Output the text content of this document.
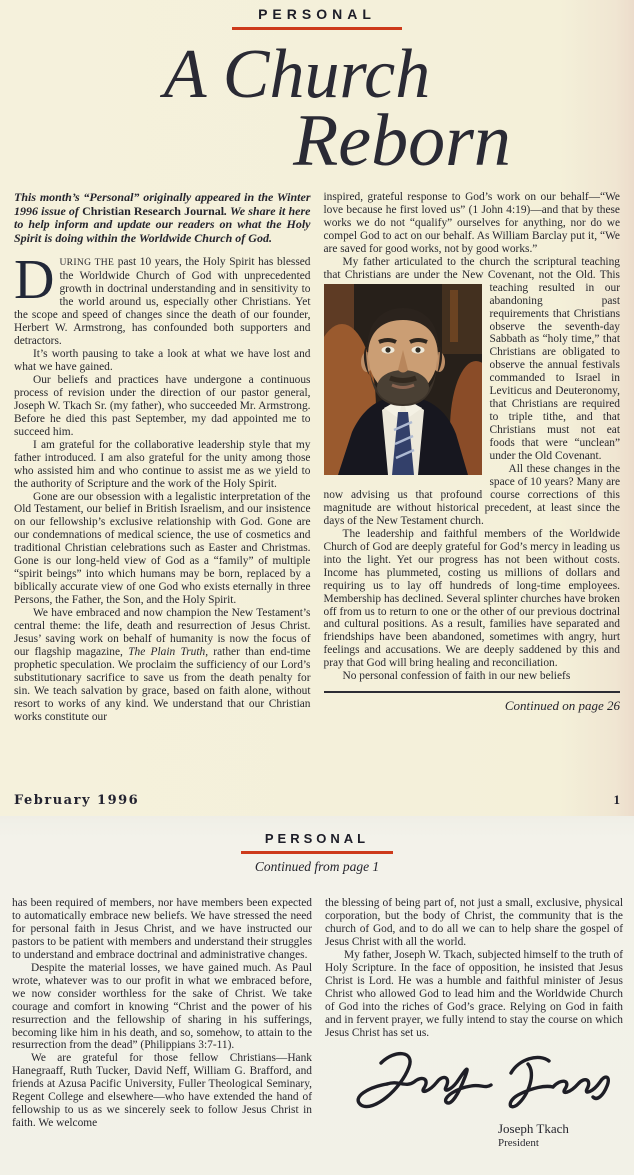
PERSONAL
A Church
Reborn

This month’s “Personal” originally appeared in the Winter 1996 issue of Christian Research Journal. We share it here to help inform and update our readers on what the Holy Spirit is doing within the Worldwide Church of God.

DURING THE past 10 years, the Holy Spirit has blessed the Worldwide Church of God with unprecedented growth in doctrinal understanding and in sensitivity to the world around us, especially other Christians. Yet the scope and speed of changes since the death of our founder, Herbert W. Armstrong, has confounded both supporters and detractors.

It’s worth pausing to take a look at what we have lost and what we have gained.

Our beliefs and practices have undergone a continuous process of revision under the direction of our pastor general, Joseph W. Tkach Sr. (my father), who succeeded Mr. Armstrong. Before he died this past September, my dad appointed me to succeed him.

I am grateful for the collaborative leadership style that my father introduced. I am also grateful for the unity among those who assisted him and who continue to assist me as we yield to the authority of Scripture and the work of the Holy Spirit.

Gone are our obsession with a legalistic interpretation of the Old Testament, our belief in British Israelism, and our insistence on our fellowship’s exclusive relationship with God. Gone are our condemnations of medical science, the use of cosmetics and traditional Christian celebrations such as Easter and Christmas. Gone is our long-held view of God as a “family” of multiple “spirit beings” into which humans may be born, replaced by a biblically accurate view of one God who exists eternally in three Persons, the Father, the Son, and the Holy Spirit.

We have embraced and now champion the New Testament’s central theme: the life, death and resurrection of Jesus Christ. Jesus’ saving work on behalf of humanity is now the focus of our flagship magazine, The Plain Truth, rather than end-time prophetic speculation. We proclaim the sufficiency of our Lord’s substitutionary sacrifice to save us from the death penalty for sin. We teach salvation by grace, based on faith alone, without resort to works of any kind. We understand that our Christian works constitute our

inspired, grateful response to God’s work on our behalf—“We love because he first loved us” (1 John 4:19)—and that by these works we do not “qualify” ourselves for anything, nor do we compel God to act on our behalf. As William Barclay put it, “We are saved for good works, not by good works.”

My father articulated to the church the scriptural teaching that Christians are under the New Covenant, not the Old. This teaching resulted in our abandoning past requirements that Christians observe the seventh-day Sabbath as “holy time,” that Christians are obligated to observe the annual festivals commanded to Israel in Leviticus and Deuteronomy, that Christians are required to triple tithe, and that Christians must not eat foods that were “unclean” under the Old Covenant.

All these changes in the space of 10 years? Many are now advising us that profound course corrections of this magnitude are without historical precedent, at least since the days of the New Testament church.

The leadership and faithful members of the Worldwide Church of God are deeply grateful for God’s mercy in leading us into the light. Yet our progress has not been without costs. Income has plummeted, costing us millions of dollars and requiring us to lay off hundreds of long-time employees. Membership has declined. Several splinter churches have broken off from us to return to one or the other of our previous doctrinal and cultural positions. As a result, families have separated and friendships have been abandoned, sometimes with angry, hurt feelings and accusations. We are deeply saddened by this and pray that God will bring healing and reconciliation.

No personal confession of faith in our new beliefs

Continued on page 26
February 1996	1
PERSONAL
Continued from page 1

has been required of members, nor have members been expected to automatically embrace new beliefs. We have stressed the need for personal faith in Jesus Christ, and we have instructed our pastors to be patient with members and understand their struggles to understand and embrace doctrinal and administrative changes.

Despite the material losses, we have gained much. As Paul wrote, whatever was to our profit in what we embraced before, we now consider worthless for the sake of Christ. We take courage and comfort in knowing “Christ and the power of his resurrection and the fellowship of sharing in his sufferings, becoming like him in his death, and so, somehow, to attain to the resurrection from the dead” (Philippians 3:7-11).

We are grateful for those fellow Christians—Hank Hanegraaff, Ruth Tucker, David Neff, William G. Brafford, and friends at Azusa Pacific University, Fuller Theological Seminary, Regent College and elsewhere—who have extended the hand of fellowship to us as we sincerely seek to follow Jesus Christ in faith. We welcome

the blessing of being part of, not just a small, exclusive, physical corporation, but the body of Christ, the community that is the church of God, and to do all we can to help share the gospel of Jesus Christ with all the world.

My father, Joseph W. Tkach, subjected himself to the truth of Holy Scripture. In the face of opposition, he insisted that Jesus Christ is Lord. He was a humble and faithful minister of Jesus Christ who allowed God to lead him and the Worldwide Church of God into the riches of God’s grace. Relying on God in faith and in fervent prayer, we fully intend to stay the course on which Jesus Christ has set us.

Joseph Tkach
President
